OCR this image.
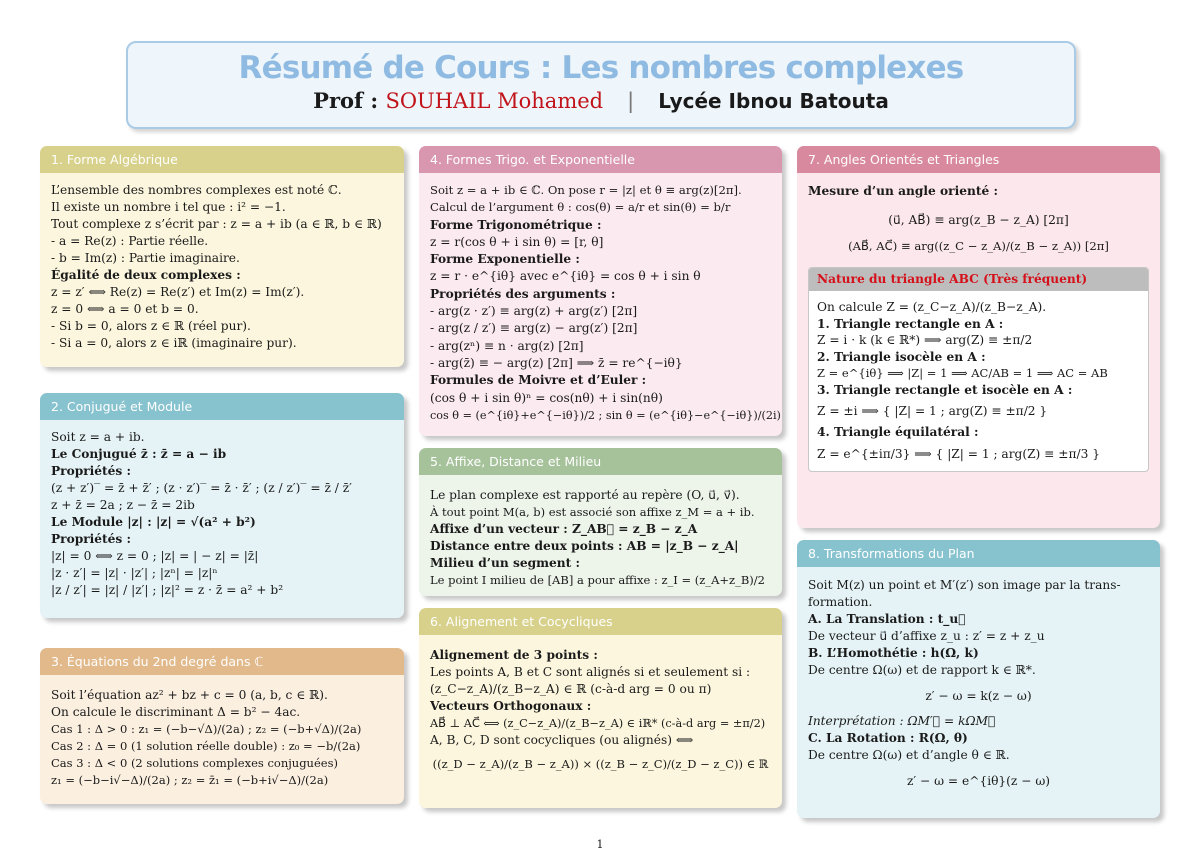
Résumé de Cours : Les nombres complexes
Prof : SOUHAIL Mohamed | Lycée Ibnou Batouta
1. Forme Algébrique
L’ensemble des nombres complexes est noté ℂ.
Il existe un nombre i tel que : i² = −1.
Tout complexe z s’écrit par : z = a + ib (a ∈ ℝ, b ∈ ℝ)
- a = Re(z) : Partie réelle.
- b = Im(z) : Partie imaginaire.
Égalité de deux complexes :
z = z′ ⟺ Re(z) = Re(z′) et Im(z) = Im(z′).
z = 0 ⟺ a = 0 et b = 0.
- Si b = 0, alors z ∈ ℝ (réel pur).
- Si a = 0, alors z ∈ iℝ (imaginaire pur).
2. Conjugué et Module
Soit z = a + ib.
Le Conjugué z̄ : z̄ = a − ib
Propriétés :
(z + z′)‾ = z̄ + z̄′ ; (z · z′)‾ = z̄ · z̄′ ; (z / z′)‾ = z̄ / z̄′
z + z̄ = 2a ; z − z̄ = 2ib
Le Module |z| : |z| = √(a² + b²)
Propriétés :
|z| = 0 ⟺ z = 0 ; |z| = | − z| = |z̄|
|z · z′| = |z| · |z′| ; |zⁿ| = |z|ⁿ
|z / z′| = |z| / |z′| ; |z|² = z · z̄ = a² + b²
3. Équations du 2nd degré dans ℂ
Soit l’équation az² + bz + c = 0 (a, b, c ∈ ℝ).
On calcule le discriminant Δ = b² − 4ac.
Cas 1 : Δ > 0 : z₁ = (−b−√Δ)/(2a) ; z₂ = (−b+√Δ)/(2a)
Cas 2 : Δ = 0 (1 solution réelle double) : z₀ = −b/(2a)
Cas 3 : Δ < 0 (2 solutions complexes conjuguées)
z₁ = (−b−i√−Δ)/(2a) ; z₂ = z̄₁ = (−b+i√−Δ)/(2a)
4. Formes Trigo. et Exponentielle
Soit z = a + ib ∈ ℂ. On pose r = |z| et θ ≡ arg(z)[2π].
Calcul de l’argument θ : cos(θ) = a/r et sin(θ) = b/r
Forme Trigonométrique :
z = r(cos θ + i sin θ) = [r, θ]
Forme Exponentielle :
z = r · e^{iθ} avec e^{iθ} = cos θ + i sin θ
Propriétés des arguments :
- arg(z · z′) ≡ arg(z) + arg(z′) [2π]
- arg(z / z′) ≡ arg(z) − arg(z′) [2π]
- arg(zⁿ) ≡ n · arg(z) [2π]
- arg(z̄) ≡ − arg(z) [2π] ⟹ z̄ = re^{−iθ}
Formules de Moivre et d’Euler :
(cos θ + i sin θ)ⁿ = cos(nθ) + i sin(nθ)
cos θ = (e^{iθ}+e^{−iθ})/2 ; sin θ = (e^{iθ}−e^{−iθ})/(2i)
5. Affixe, Distance et Milieu
Le plan complexe est rapporté au repère (O, u⃗, v⃗).
À tout point M(a, b) est associé son affixe z_M = a + ib.
Affixe d’un vecteur : Z_AB⃗ = z_B − z_A
Distance entre deux points : AB = |z_B − z_A|
Milieu d’un segment :
Le point I milieu de [AB] a pour affixe : z_I = (z_A+z_B)/2
6. Alignement et Cocycliques
Alignement de 3 points :
Les points A, B et C sont alignés si et seulement si :
(z_C−z_A)/(z_B−z_A) ∈ ℝ (c-à-d arg = 0 ou π)
Vecteurs Orthogonaux :
AB⃗ ⊥ AC⃗ ⟺ (z_C−z_A)/(z_B−z_A) ∈ iℝ* (c-à-d arg = ±π/2)
A, B, C, D sont cocycliques (ou alignés) ⟺
((z_D − z_A)/(z_B − z_A)) × ((z_B − z_C)/(z_D − z_C)) ∈ ℝ
7. Angles Orientés et Triangles
Mesure d’un angle orienté :
(u⃗, AB⃗) ≡ arg(z_B − z_A) [2π]
(AB⃗, AC⃗) ≡ arg((z_C − z_A)/(z_B − z_A)) [2π]
Nature du triangle ABC (Très fréquent)
On calcule Z = (z_C−z_A)/(z_B−z_A).
1. Triangle rectangle en A :
Z = i · k (k ∈ ℝ*) ⟹ arg(Z) ≡ ±π/2
2. Triangle isocèle en A :
Z = e^{iθ} ⟹ |Z| = 1 ⟹ AC/AB = 1 ⟹ AC = AB
3. Triangle rectangle et isocèle en A :
Z = ±i ⟹ { |Z| = 1 ; arg(Z) ≡ ±π/2 }
4. Triangle équilatéral :
Z = e^{±iπ/3} ⟹ { |Z| = 1 ; arg(Z) ≡ ±π/3 }
8. Transformations du Plan
Soit M(z) un point et M′(z′) son image par la trans-
formation.
A. La Translation : t_u⃗
De vecteur u⃗ d’affixe z_u : z′ = z + z_u
B. L’Homothétie : h(Ω, k)
De centre Ω(ω) et de rapport k ∈ ℝ*.
z′ − ω = k(z − ω)
Interprétation : ΩM′⃗ = kΩM⃗
C. La Rotation : R(Ω, θ)
De centre Ω(ω) et d’angle θ ∈ ℝ.
z′ − ω = e^{iθ}(z − ω)
1
